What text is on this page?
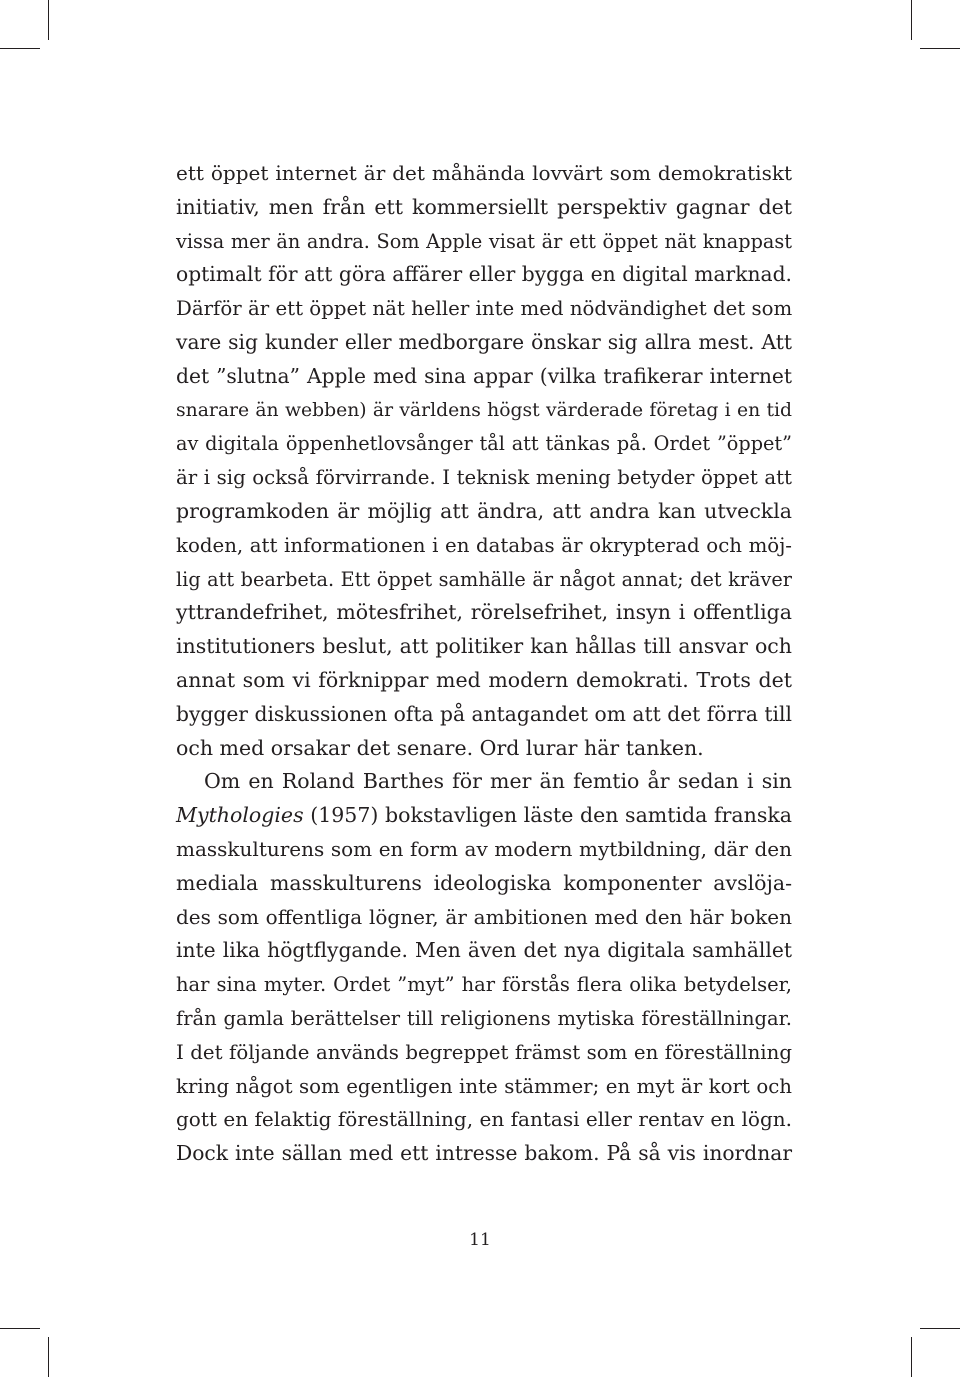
ett öppet internet är det måhända lovvärt som demokratiskt
initiativ, men från ett kommersiellt perspektiv gagnar det
vissa mer än andra. Som Apple visat är ett öppet nät knappast
optimalt för att göra affärer eller bygga en digital marknad.
Därför är ett öppet nät heller inte med nödvändighet det som
vare sig kunder eller medborgare önskar sig allra mest. Att
det ”slutna” Apple med sina appar (vilka trafikerar internet
snarare än webben) är världens högst värderade företag i en tid
av digitala öppenhetlovsånger tål att tänkas på. Ordet ”öppet”
är i sig också förvirrande. I teknisk mening betyder öppet att
programkoden är möjlig att ändra, att andra kan utveckla
koden, att informationen i en databas är okrypterad och möj-
lig att bearbeta. Ett öppet samhälle är något annat; det kräver
yttrandefrihet, mötesfrihet, rörelsefrihet, insyn i offentliga
institutioners beslut, att politiker kan hållas till ansvar och
annat som vi förknippar med modern demokrati. Trots det
bygger diskussionen ofta på antagandet om att det förra till
och med orsakar det senare. Ord lurar här tanken.
Om en Roland Barthes för mer än femtio år sedan i sin
Mythologies (1957) bokstavligen läste den samtida franska
masskulturens som en form av modern mytbildning, där den
mediala masskulturens ideologiska komponenter avslöja-
des som offentliga lögner, är ambitionen med den här boken
inte lika högtflygande. Men även det nya digitala samhället
har sina myter. Ordet ”myt” har förstås flera olika betydelser,
från gamla berättelser till religionens mytiska föreställningar.
I det följande används begreppet främst som en föreställning
kring något som egentligen inte stämmer; en myt är kort och
gott en felaktig föreställning, en fantasi eller rentav en lögn.
Dock inte sällan med ett intresse bakom. På så vis inordnar
11
